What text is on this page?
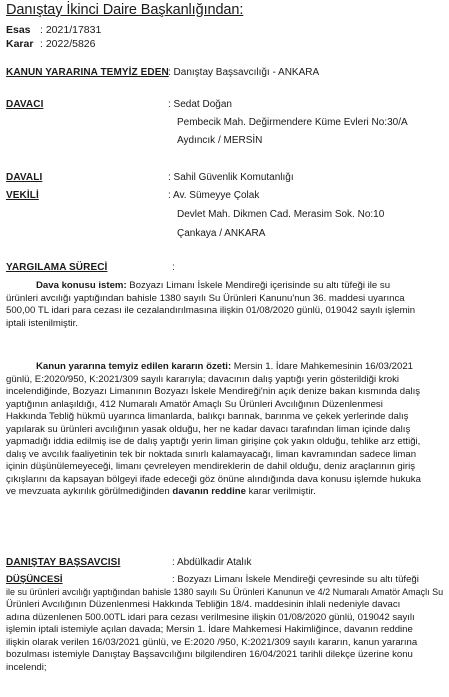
Danıştay İkinci Daire Başkanlığından:
Esas : 2021/17831
Karar : 2022/5826
KANUN YARARINA TEMYİZ EDEN : Danıştay Başsavcılığı - ANKARA
DAVACI	: Sedat Doğan
Pembecik Mah. Değirmendere Küme Evleri No:30/A
Aydıncık / MERSİN
DAVALI	: Sahil Güvenlik Komutanlığı
VEKİLİ	: Av. Sümeyye Çolak
Devlet Mah. Dikmen Cad. Merasim Sok. No:10
Çankaya / ANKARA
YARGILAMA SÜRECİ	:
Dava konusu istem: Bozyazı Limanı İskele Mendireği içerisinde su altı tüfeği ile su
ürünleri avcılığı yaptığından bahisle 1380 sayılı Su Ürünleri Kanunu'nun 36. maddesi uyarınca
500,00 TL idari para cezası ile cezalandırılmasına ilişkin 01/08/2020 günlü, 019042 sayılı işlemin
iptali istenilmiştir.
Kanun yararına temyiz edilen kararın özeti: Mersin 1. İdare Mahkemesinin 16/03/2021
günlü, E:2020/950, K:2021/309 sayılı kararıyla; davacının dalış yaptığı yerin gösterildiği kroki
incelendiğinde, Bozyazı Limanının Bozyazı İskele Mendireği'nin açık denize bakan kısmında dalış
yaptığının anlaşıldığı, 412 Numaralı Amatör Amaçlı Su Ürünleri Avcılığının Düzenlenmesi
Hakkında Tebliğ hükmü uyarınca limanlarda, balıkçı barınak, barınma ve çekek yerlerinde dalış
yapılarak su ürünleri avcılığının yasak olduğu, her ne kadar davacı tarafından liman içinde dalış
yapmadığı iddia edilmiş ise de dalış yaptığı yerin liman girişine çok yakın olduğu, tehlike arz ettiği,
dalış ve avcılık faaliyetinin tek bir noktada sınırlı kalamayacağı, liman kavramından sadece liman
içinin düşünülemeyeceği, limanı çevreleyen mendireklerin de dahil olduğu, deniz araçlarının giriş
çıkışlarını da kapsayan bölgeyi ifade edeceği göz önüne alındığında dava konusu işlemde hukuka
ve mevzuata aykırılık görülmediğinden davanın reddine karar verilmiştir.
DANIŞTAY BAŞSAVCISI	: Abdülkadir Atalık
DÜŞÜNCESİ	: Bozyazı Limanı İskele Mendireği çevresinde su altı tüfeği
ile su ürünleri avcılığı yaptığından bahisle 1380 sayılı Su Ürünleri Kanunun ve 4/2 Numaralı Amatör Amaçlı Su
Ürünleri Avcılığının Düzenlenmesi Hakkında Tebliğin 18/4. maddesinin ihlali nedeniyle davacı
adına düzenlenen 500.00TL idari para cezası verilmesine ilişkin 01/08/2020 günlü, 019042 sayılı
işlemin iptali istemiyle açılan davada; Mersin 1. İdare Mahkemesi Hakimliğince, davanın reddine
ilişkin olarak verilen 16/03/2021 günlü, ve E:2020 /950, K:2021/309 sayılı kararın, kanun yararına
bozulması istemiyle Danıştay Başsavcılığını bilgilendiren 16/04/2021 tarihli dilekçe üzerine konu
incelendi;
